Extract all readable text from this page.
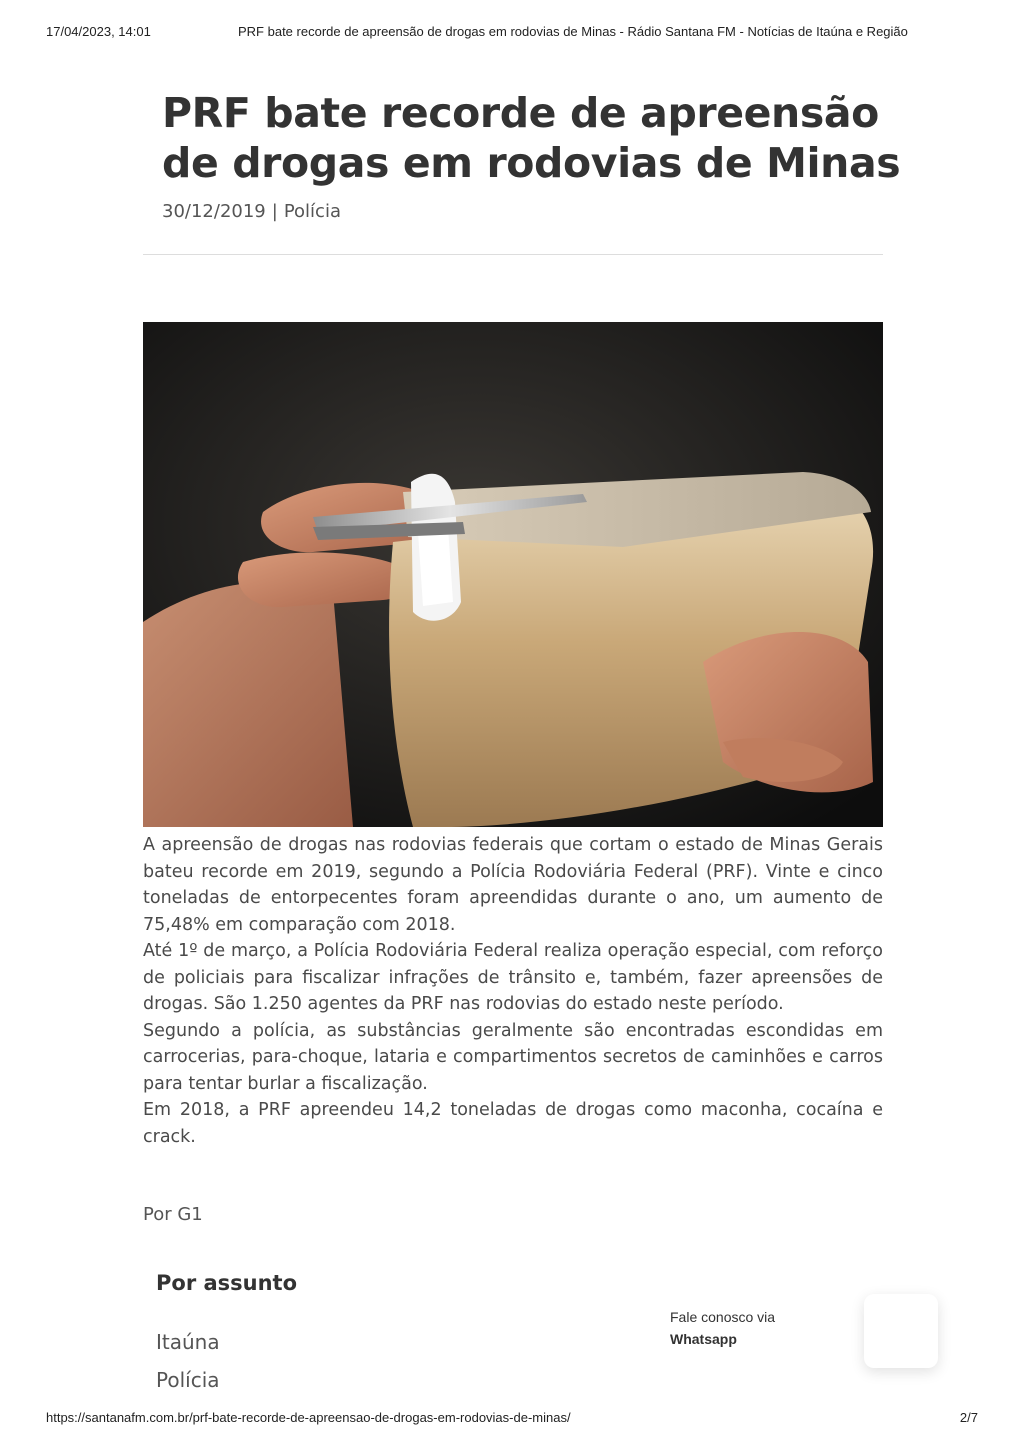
17/04/2023, 14:01	PRF bate recorde de apreensão de drogas em rodovias de Minas - Rádio Santana FM - Notícias de Itaúna e Região
PRF bate recorde de apreensão de drogas em rodovias de Minas
30/12/2019 | Polícia

A apreensão de drogas nas rodovias federais que cortam o estado de Minas Gerais bateu recorde em 2019, segundo a Polícia Rodoviária Federal (PRF). Vinte e cinco toneladas de entorpecentes foram apreendidas durante o ano, um aumento de 75,48% em comparação com 2018.

Até 1º de março, a Polícia Rodoviária Federal realiza operação especial, com reforço de policiais para fiscalizar infrações de trânsito e, também, fazer apreensões de drogas. São 1.250 agentes da PRF nas rodovias do estado neste período.

Segundo a polícia, as substâncias geralmente são encontradas escondidas em carrocerias, para-choque, lataria e compartimentos secretos de caminhões e carros para tentar burlar a fiscalização.

Em 2018, a PRF apreendeu 14,2 toneladas de drogas como maconha, cocaína e crack.

Por G1
Por assunto
Itaúna
Polícia
Fale conosco via
Whatsapp
https://santanafm.com.br/prf-bate-recorde-de-apreensao-de-drogas-em-rodovias-de-minas/	2/7
